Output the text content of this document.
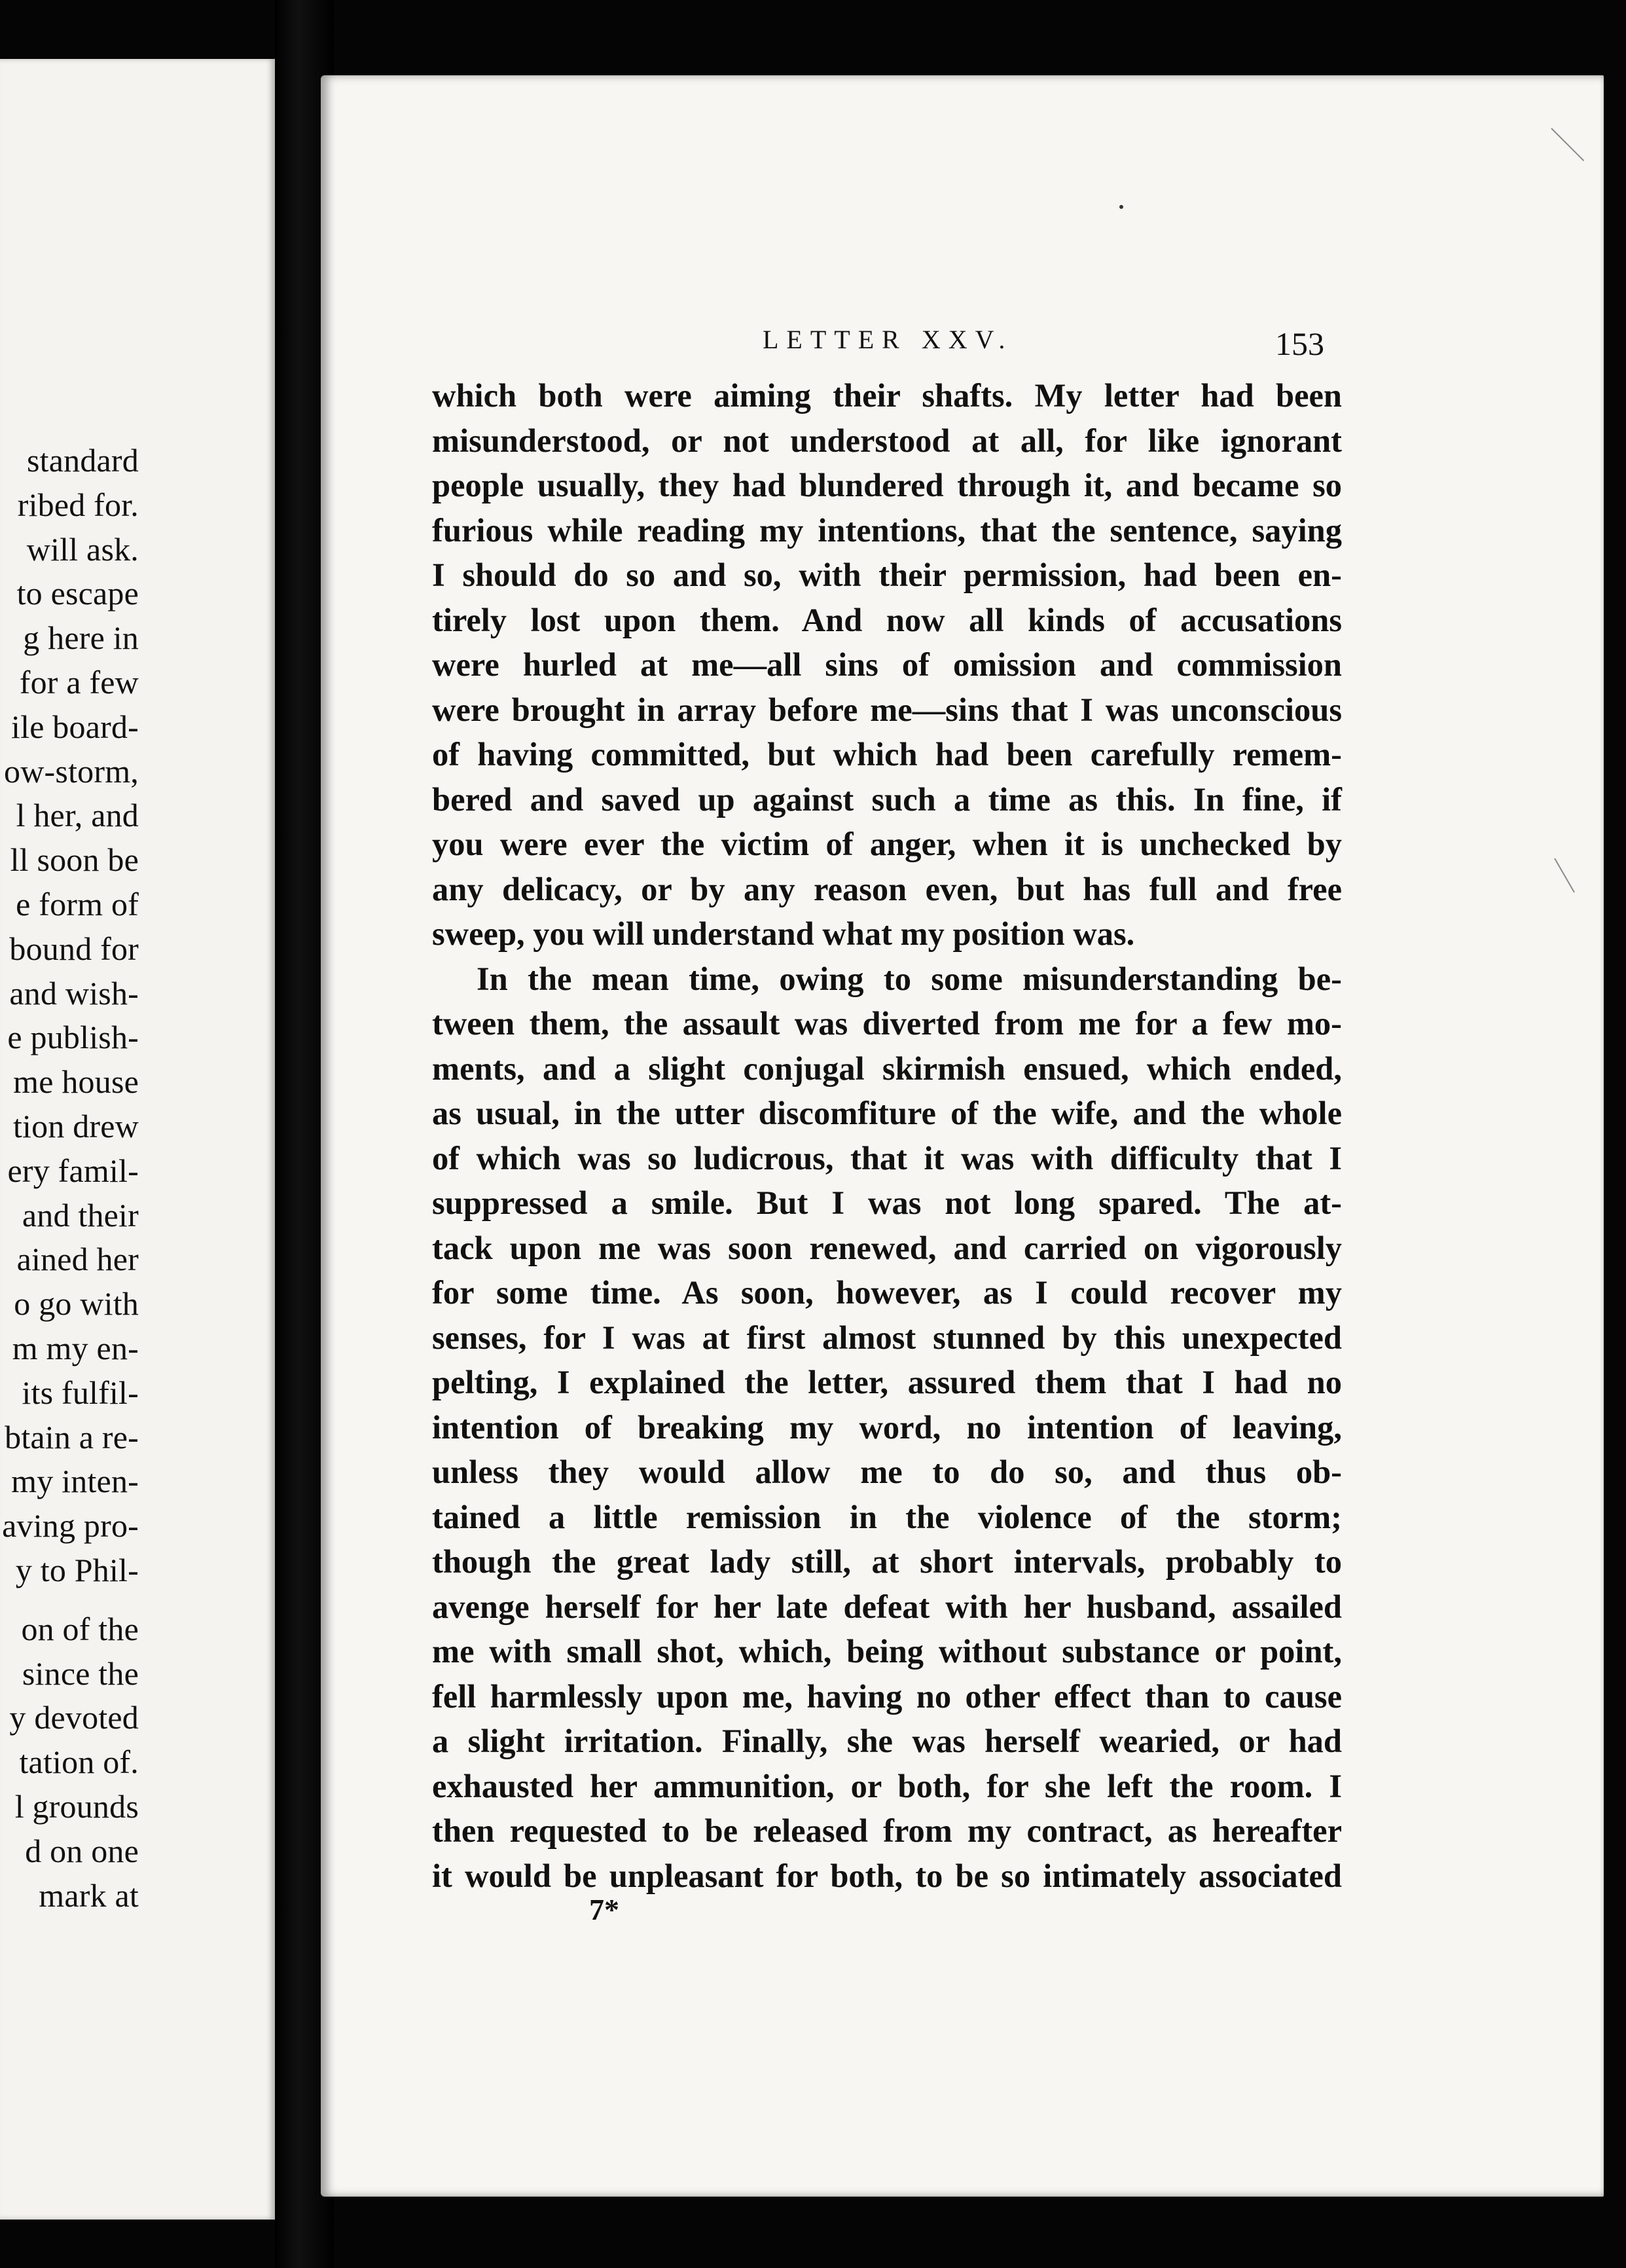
standard
ribed for.
will ask.
to escape
g here in
for a few
ile board-
ow-storm,
l her, and
ll soon be
e form of
bound for
and wish-
e publish-
me house
tion drew
ery famil-
and their
ained her
o go with
m my en-
its fulfil-
btain a re-
my inten-
aving pro-
y to Phil-
on of the
since the
y devoted
tation of.
l grounds
d on one
mark at
LETTER XXV.	153
which both were aiming their shafts. My letter had been
misunderstood, or not understood at all, for like ignorant
people usually, they had blundered through it, and became so
furious while reading my intentions, that the sentence, saying
I should do so and so, with their permission, had been en-
tirely lost upon them. And now all kinds of accusations
were hurled at me—all sins of omission and commission
were brought in array before me—sins that I was unconscious
of having committed, but which had been carefully remem-
bered and saved up against such a time as this. In fine, if
you were ever the victim of anger, when it is unchecked by
any delicacy, or by any reason even, but has full and free
sweep, you will understand what my position was.
In the mean time, owing to some misunderstanding be-
tween them, the assault was diverted from me for a few mo-
ments, and a slight conjugal skirmish ensued, which ended,
as usual, in the utter discomfiture of the wife, and the whole
of which was so ludicrous, that it was with difficulty that I
suppressed a smile. But I was not long spared. The at-
tack upon me was soon renewed, and carried on vigorously
for some time. As soon, however, as I could recover my
senses, for I was at first almost stunned by this unexpected
pelting, I explained the letter, assured them that I had no
intention of breaking my word, no intention of leaving,
unless they would allow me to do so, and thus ob-
tained a little remission in the violence of the storm;
though the great lady still, at short intervals, probably to
avenge herself for her late defeat with her husband, assailed
me with small shot, which, being without substance or point,
fell harmlessly upon me, having no other effect than to cause
a slight irritation. Finally, she was herself wearied, or had
exhausted her ammunition, or both, for she left the room. I
then requested to be released from my contract, as hereafter
it would be unpleasant for both, to be so intimately associated
7*
